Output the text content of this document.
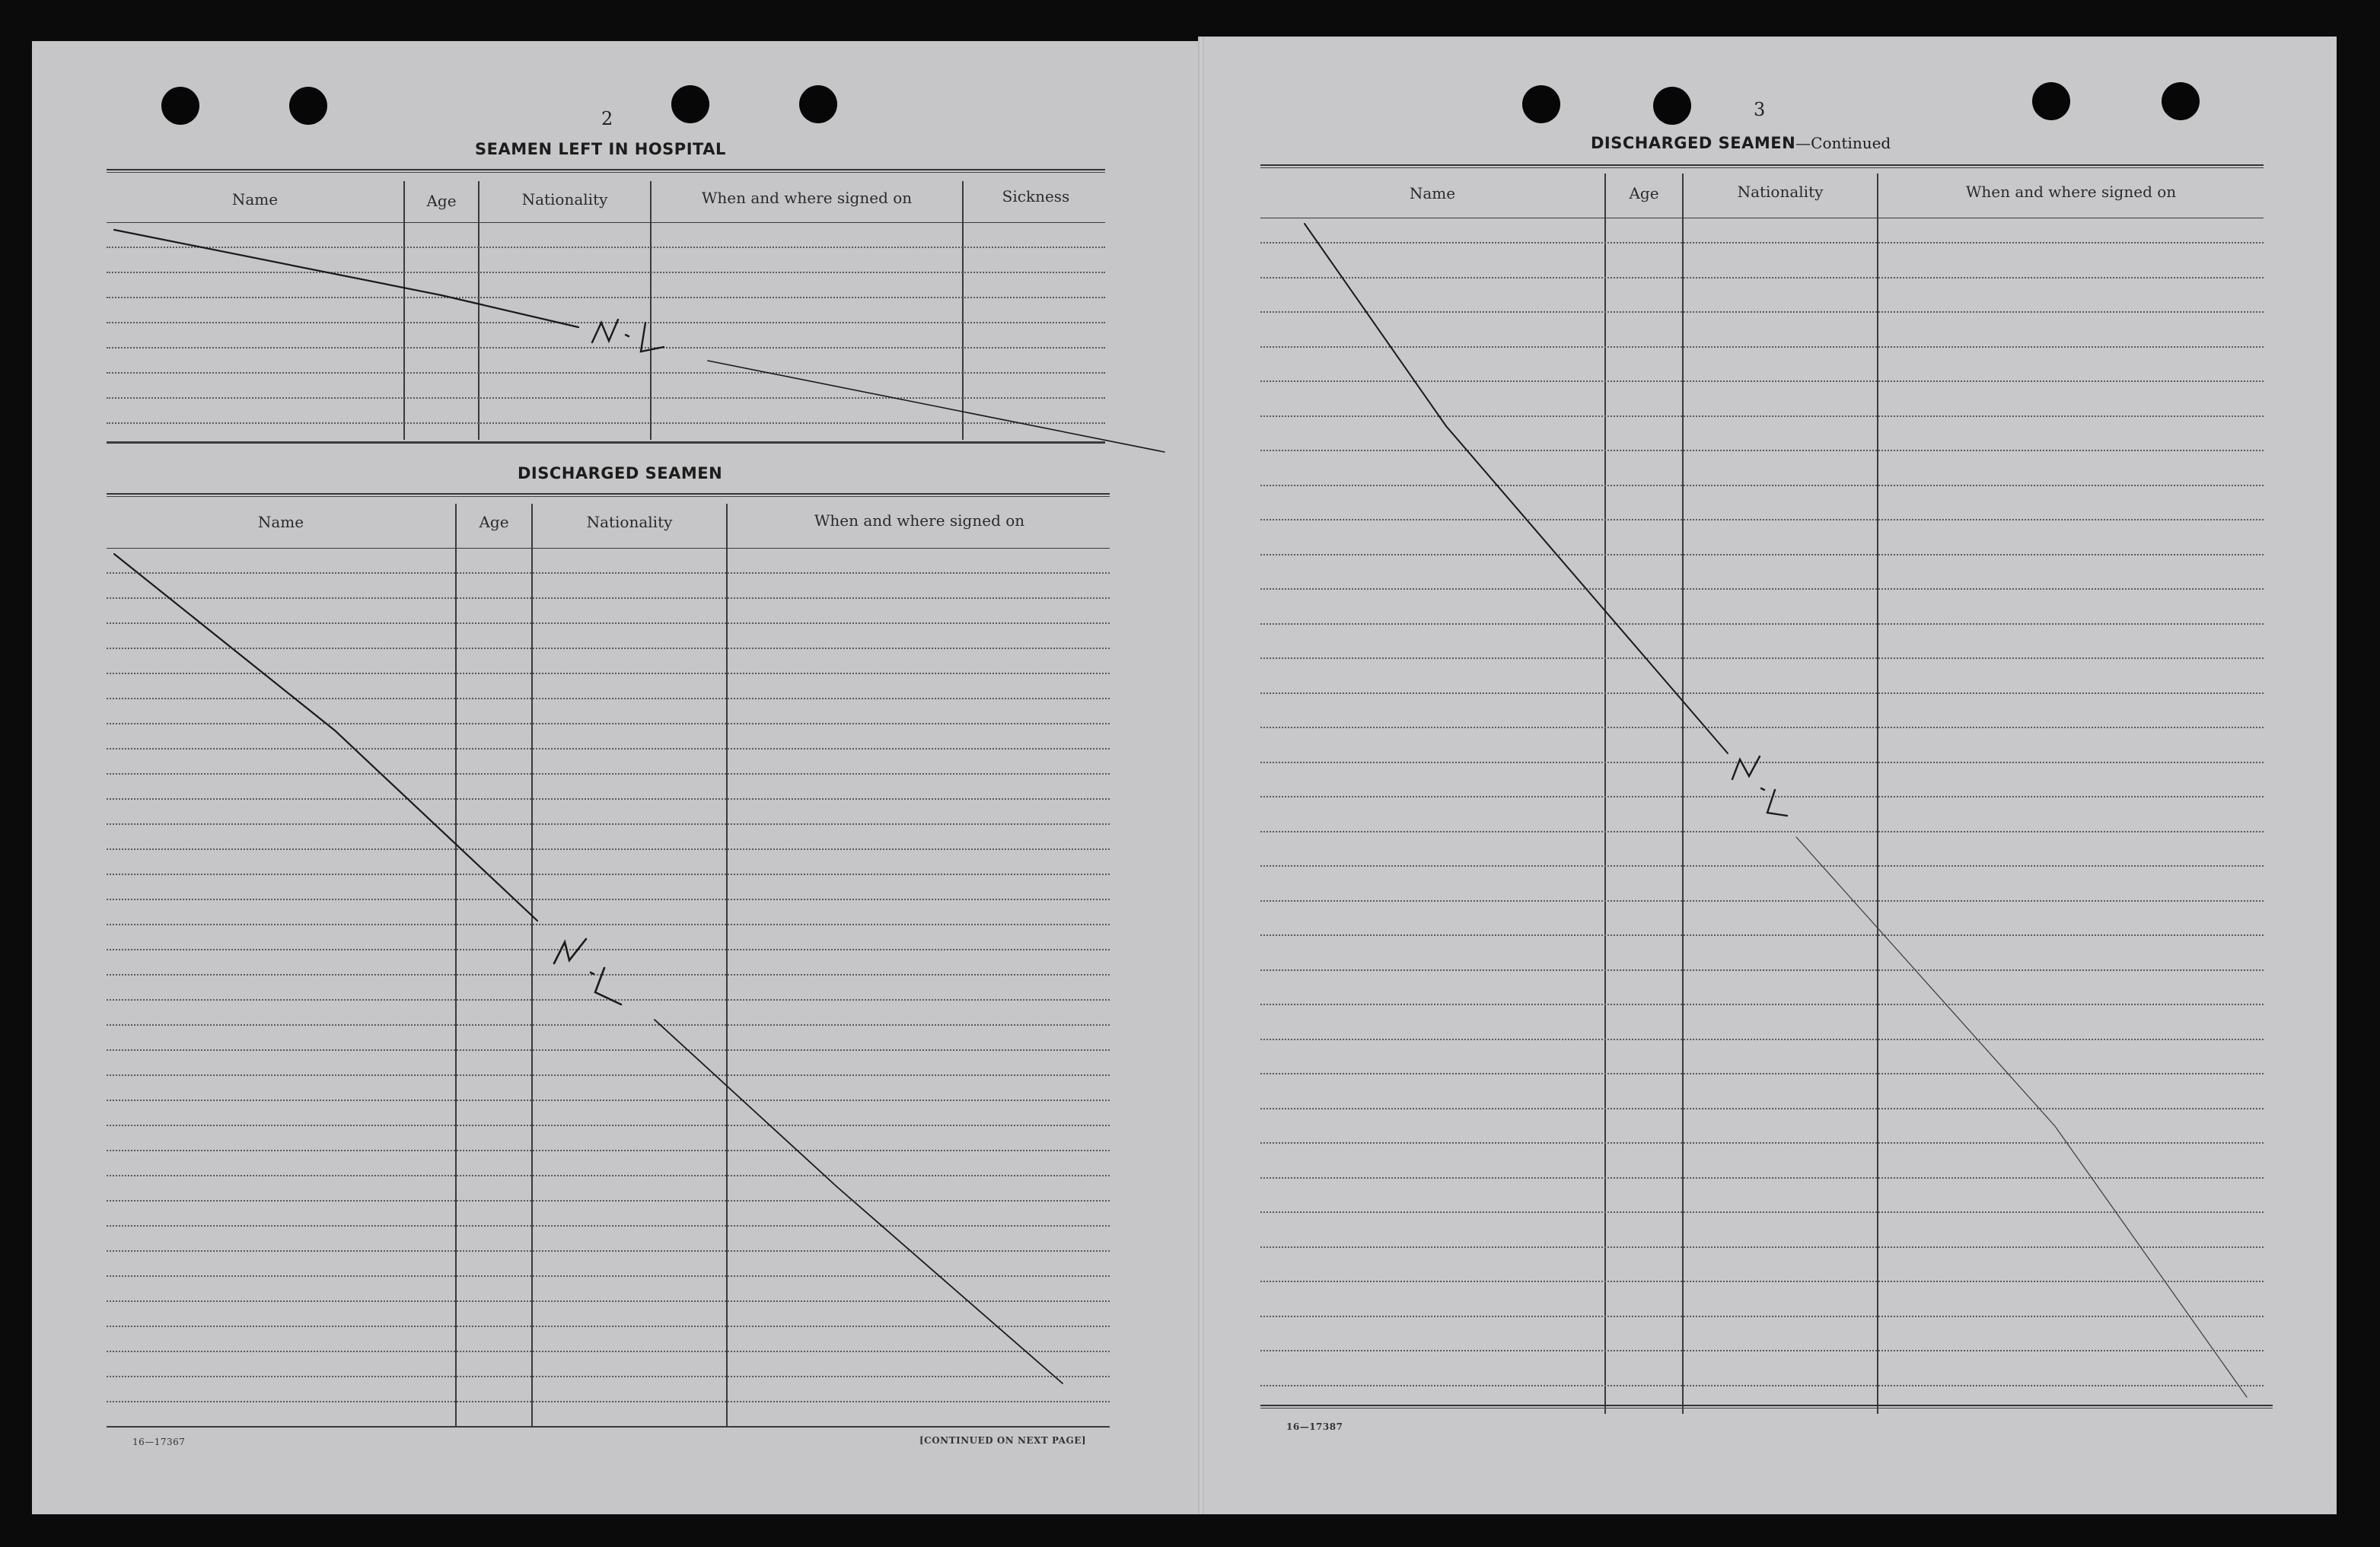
2
SEAMEN LEFT IN HOSPITAL
Name	Age	Nationality	When and where signed on	Sickness
DISCHARGED SEAMEN
Name	Age	Nationality	When and where signed on
16—17367	[CONTINUED ON NEXT PAGE]
3
DISCHARGED SEAMEN—Continued
Name	Age	Nationality	When and where signed on
16—17387
